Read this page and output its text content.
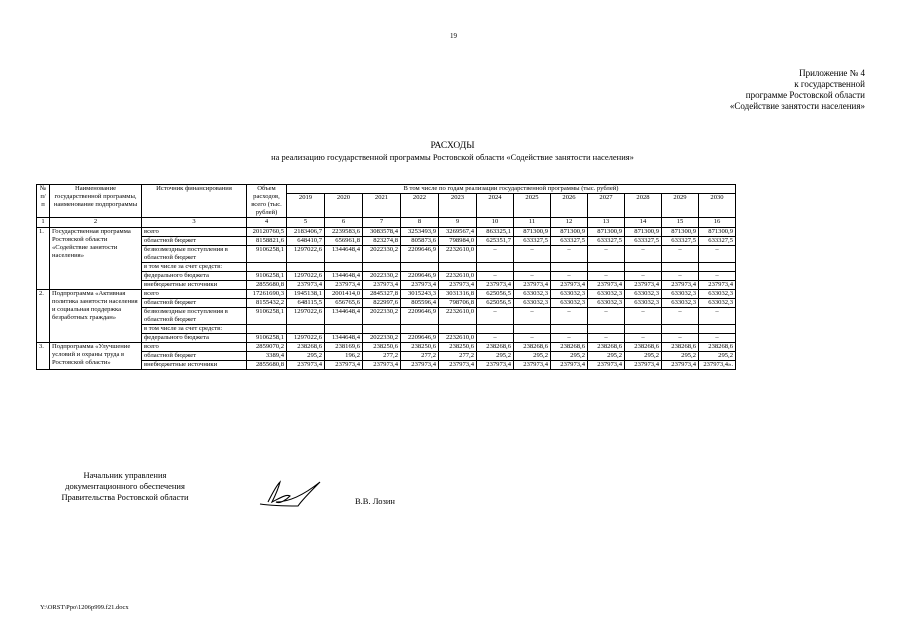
19
Приложение № 4
к государственной
программе Ростовской области
«Содействие занятости населения»
РАСХОДЫ
на реализацию государственной программы Ростовской области «Содействие занятости населения»
№ п/п	Наименование государственной программы, наименование подпрограммы	Источник финансирования	Объем расходов, всего (тыс. рублей)	В том числе по годам реализации государственной программы (тыс. рублей)											
				2019	2020	2021	2022	2023	2024	2025	2026	2027	2028	2029	2030

1	2	3	4	5	6	7	8	9	10	11	12	13	14	15	16
1.	Государственная программа Ростовской области «Содействие занятости населения»	всего	20120760,5	2183406,7	2239583,6	3083578,4	3253493,9	3269567,4	863325,1	871300,9	871300,9	871300,9	871300,9	871300,9	871300,9
		областной бюджет	8158821,6	648410,7	656961,8	823274,8	805873,6	798984,0	625351,7	633327,5	633327,5	633327,5	633327,5	633327,5	633327,5
		безвозмездные поступления в областной бюджет	9106258,1	1297022,6	1344648,4	2022330,2	2209646,9	2232610,0	–	–	–	–	–	–	–
		в том числе за счет средств:													
		федерального бюджета	9106258,1	1297022,6	1344648,4	2022330,2	2209646,9	2232610,0	–	–	–	–	–	–	–
		внебюджетные источники	2855680,8	237973,4	237973,4	237973,4	237973,4	237973,4	237973,4	237973,4	237973,4	237973,4	237973,4	237973,4	237973,4
2.	Подпрограмма «Активная политика занятости населения и социальная поддержка безработных граждан»	всего	17261690,3	1945138,1	2001414,0	2845327,8	3015243,3	3031316,8	625056,5	633032,3	633032,3	633032,3	633032,3	633032,3	633032,3
		областной бюджет	8155432,2	648115,5	656765,6	822997,6	805596,4	798706,8	625056,5	633032,3	633032,3	633032,3	633032,3	633032,3	633032,3
		безвозмездные поступления в областной бюджет	9106258,1	1297022,6	1344648,4	2022330,2	2209646,9	2232610,0	–	–	–	–	–	–	–
		в том числе за счет средств:													
		федерального бюджета	9106258,1	1297022,6	1344648,4	2022330,2	2209646,9	2232610,0	–	–	–	–	–	–	–
3.	Подпрограмма «Улучшение условий и охраны труда в Ростовской области»	всего	2859070,2	238268,6	238169,6	238250,6	238250,6	238250,6	238268,6	238268,6	238268,6	238268,6	238268,6	238268,6	238268,6
		областной бюджет	3389,4	295,2	196,2	277,2	277,2	277,2	295,2	295,2	295,2	295,2	295,2	295,2	295,2
		внебюджетные источники	2855680,8	237973,4	237973,4	237973,4	237973,4	237973,4	237973,4	237973,4	237973,4	237973,4	237973,4	237973,4	237973,4».
Начальник управления
документационного обеспечения
Правительства Ростовской области	В.В. Лозин
Y:\ORST\Ppo\1206p999.f21.docx
